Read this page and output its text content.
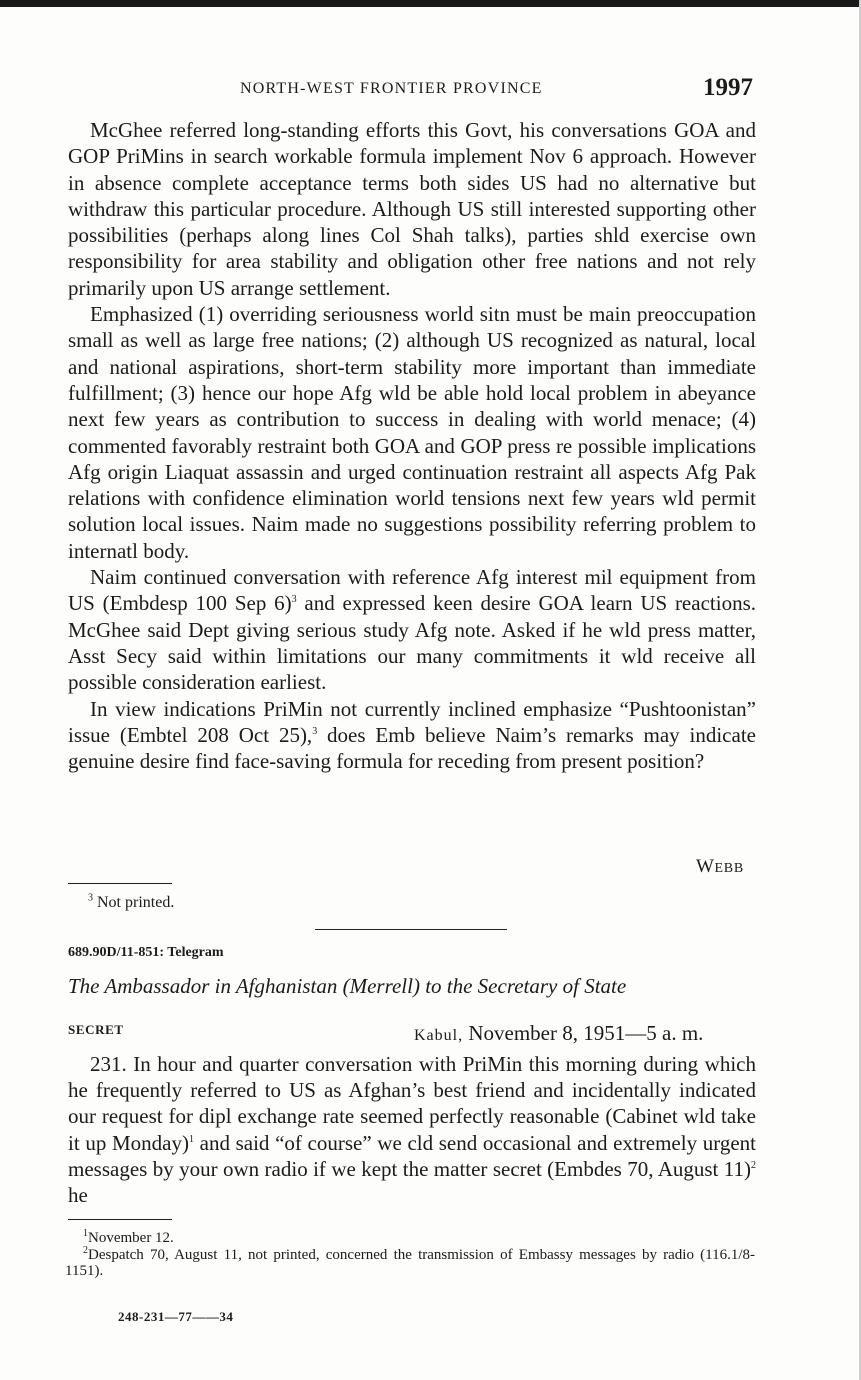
NORTH-WEST FRONTIER PROVINCE	1997

McGhee referred long-standing efforts this Govt, his conversations GOA and GOP PriMins in search workable formula implement Nov 6 approach. However in absence complete acceptance terms both sides US had no alternative but withdraw this particular procedure. Although US still interested supporting other possibilities (perhaps along lines Col Shah talks), parties shld exercise own responsibility for area stability and obligation other free nations and not rely primarily upon US arrange settlement.

Emphasized (1) overriding seriousness world sitn must be main preoccupation small as well as large free nations; (2) although US recognized as natural, local and national aspirations, short-term stability more important than immediate fulfillment; (3) hence our hope Afg wld be able hold local problem in abeyance next few years as contribution to success in dealing with world menace; (4) commented favorably restraint both GOA and GOP press re possible implications Afg origin Liaquat assassin and urged continuation restraint all aspects Afg Pak relations with confidence elimination world tensions next few years wld permit solution local issues. Naim made no suggestions possibility referring problem to internatl body.

Naim continued conversation with reference Afg interest mil equipment from US (Embdesp 100 Sep 6)$^3$ and expressed keen desire GOA learn US reactions. McGhee said Dept giving serious study Afg note. Asked if he wld press matter, Asst Secy said within limitations our many commitments it wld receive all possible consideration earliest.

In view indications PriMin not currently inclined emphasize “Pushtoonistan” issue (Embtel 208 Oct 25),$^3$ does Emb believe Naim’s remarks may indicate genuine desire find face-saving formula for receding from present position?

WEBB
$^3$ Not printed.
689.90D/11-851: Telegram
The Ambassador in Afghanistan (Merrell) to the Secretary of State
SECRET	Kabul, November 8, 1951—5 a. m.

231. In hour and quarter conversation with PriMin this morning during which he frequently referred to US as Afghan’s best friend and incidentally indicated our request for dipl exchange rate seemed perfectly reasonable (Cabinet wld take it up Monday)$^1$ and said “of course” we cld send occasional and extremely urgent messages by your own radio if we kept the matter secret (Embdes 70, August 11)$^2$ he

$^1$November 12.

$^2$Despatch 70, August 11, not printed, concerned the transmission of Embassy messages by radio (116.1/8-1151).

248-231—77——34
